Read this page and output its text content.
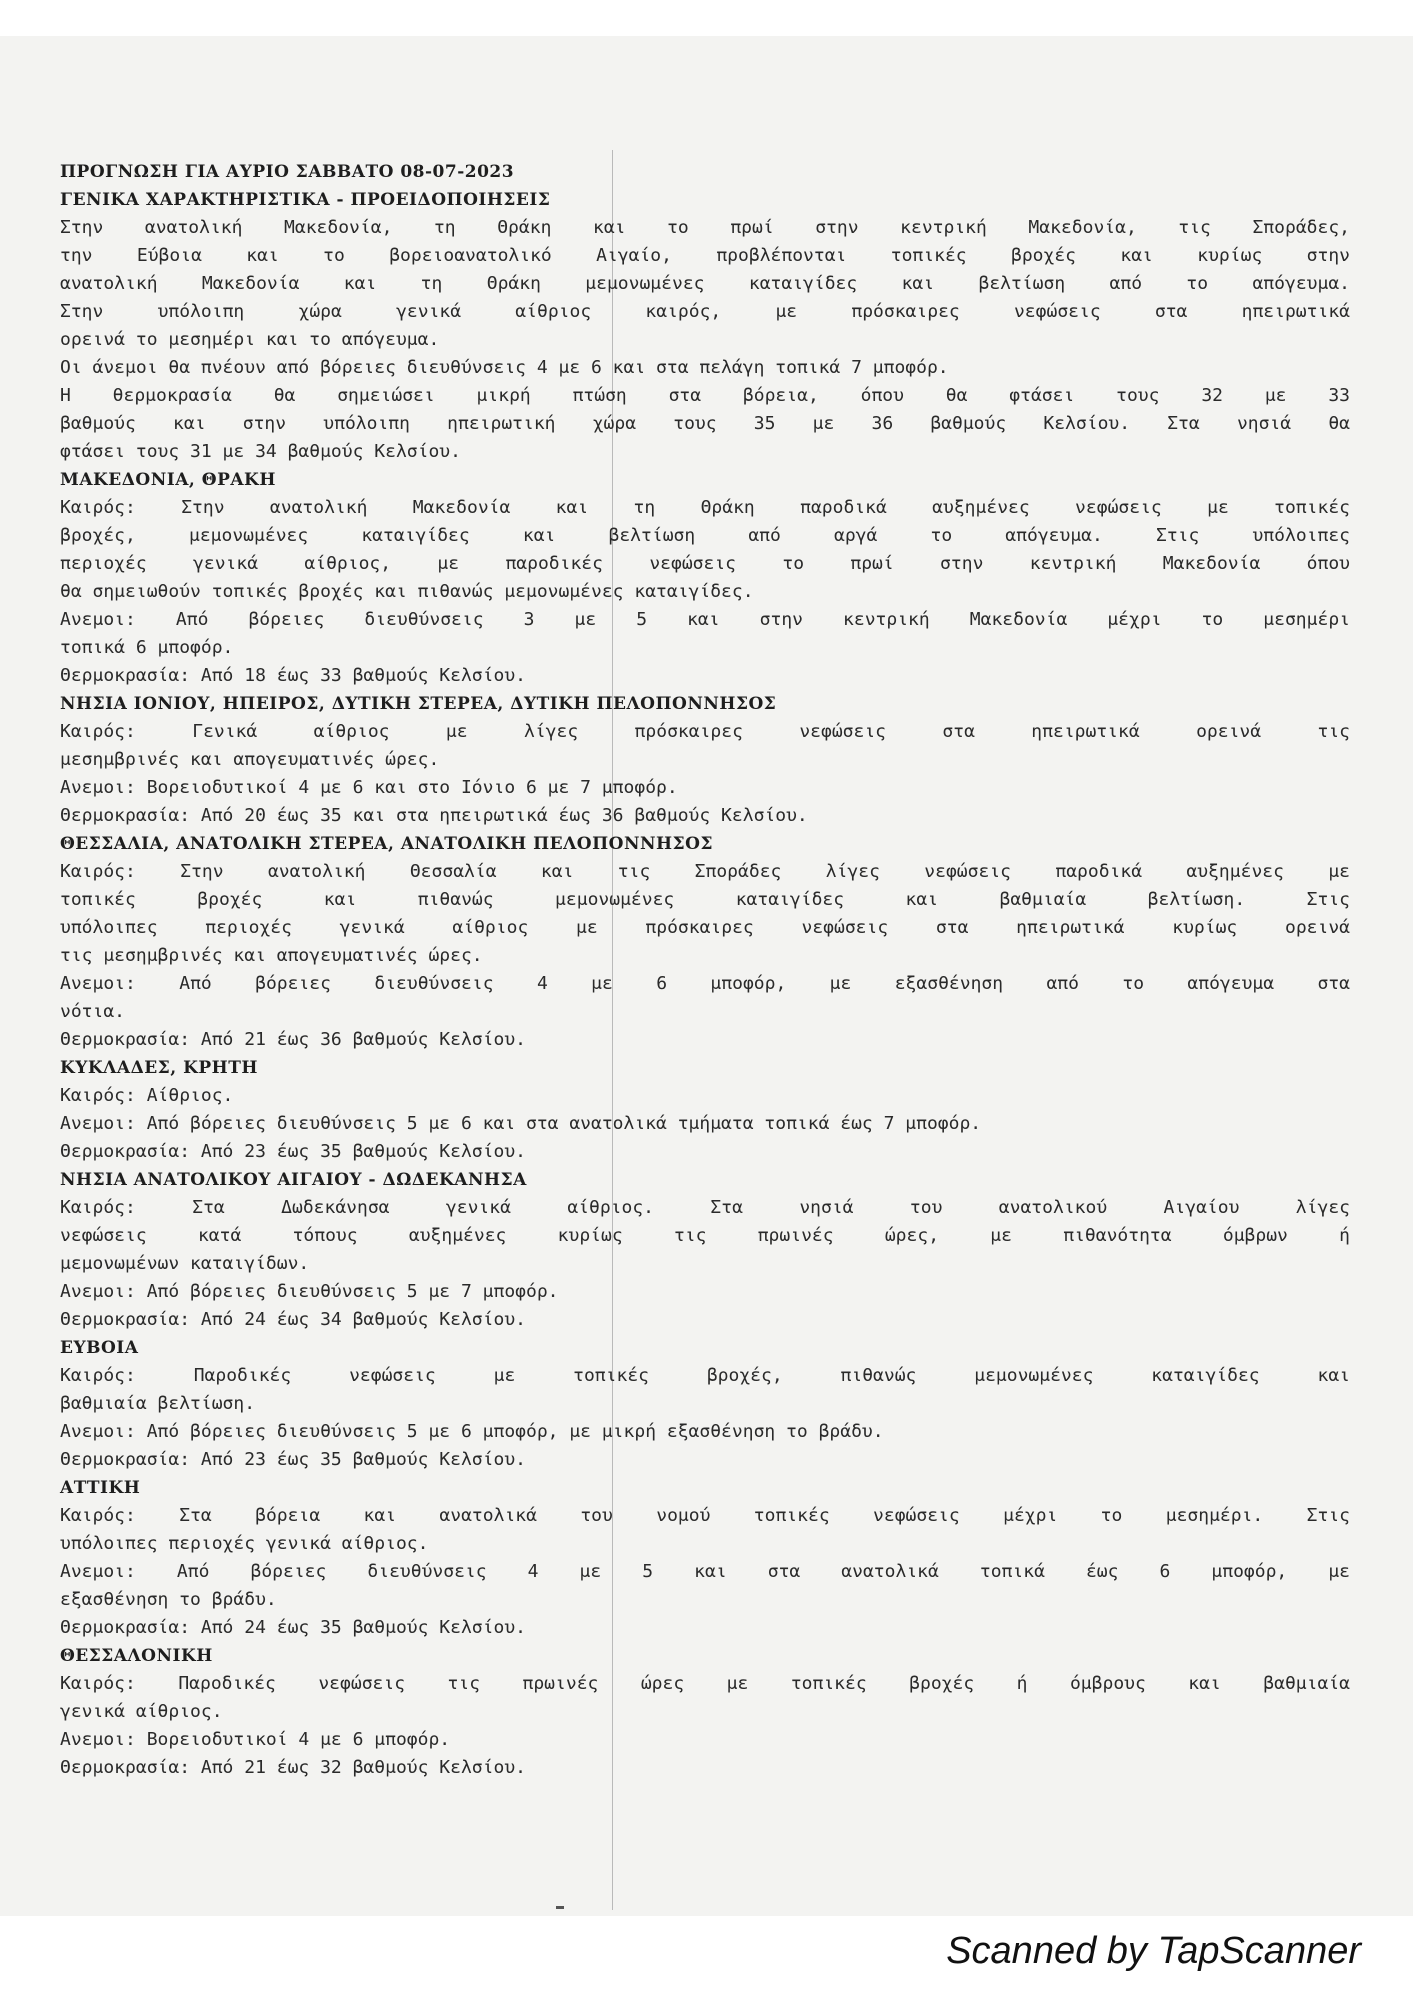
ΠΡΟΓΝΩΣΗ ΓΙΑ ΑΥΡΙΟ ΣΑΒΒΑΤΟ 08-07-2023
ΓΕΝΙΚΑ ΧΑΡΑΚΤΗΡΙΣΤΙΚΑ - ΠΡΟΕΙΔΟΠΟΙΗΣΕΙΣ
Στην ανατολική Μακεδονία, τη Θράκη και το πρωί στην κεντρική Μακεδονία, τις Σποράδες,
την Εύβοια και το βορειοανατολικό Αιγαίο, προβλέπονται τοπικές βροχές και κυρίως στην
ανατολική Μακεδονία και τη Θράκη μεμονωμένες καταιγίδες και βελτίωση από το απόγευμα.
Στην υπόλοιπη χώρα γενικά αίθριος καιρός, με πρόσκαιρες νεφώσεις στα ηπειρωτικά
ορεινά το μεσημέρι και το απόγευμα.
Οι άνεμοι θα πνέουν από βόρειες διευθύνσεις 4 με 6 και στα πελάγη τοπικά 7 μποφόρ.
Η θερμοκρασία θα σημειώσει μικρή πτώση στα βόρεια, όπου θα φτάσει τους 32 με 33
βαθμούς και στην υπόλοιπη ηπειρωτική χώρα τους 35 με 36 βαθμούς Κελσίου. Στα νησιά θα
φτάσει τους 31 με 34 βαθμούς Κελσίου.
ΜΑΚΕΔΟΝΙΑ, ΘΡΑΚΗ
Καιρός: Στην ανατολική Μακεδονία και τη Θράκη παροδικά αυξημένες νεφώσεις με τοπικές
βροχές, μεμονωμένες καταιγίδες και βελτίωση από αργά το απόγευμα. Στις υπόλοιπες
περιοχές γενικά αίθριος, με παροδικές νεφώσεις το πρωί στην κεντρική Μακεδονία όπου
θα σημειωθούν τοπικές βροχές και πιθανώς μεμονωμένες καταιγίδες.
Ανεμοι: Από βόρειες διευθύνσεις 3 με 5 και στην κεντρική Μακεδονία μέχρι το μεσημέρι
τοπικά 6 μποφόρ.
Θερμοκρασία: Από 18 έως 33 βαθμούς Κελσίου.
ΝΗΣΙΑ ΙΟΝΙΟΥ, ΗΠΕΙΡΟΣ, ΔΥΤΙΚΗ ΣΤΕΡΕΑ, ΔΥΤΙΚΗ ΠΕΛΟΠΟΝΝΗΣΟΣ
Καιρός: Γενικά αίθριος με λίγες πρόσκαιρες νεφώσεις στα ηπειρωτικά ορεινά τις
μεσημβρινές και απογευματινές ώρες.
Ανεμοι: Βορειοδυτικοί 4 με 6 και στο Ιόνιο 6 με 7 μποφόρ.
Θερμοκρασία: Από 20 έως 35 και στα ηπειρωτικά έως 36 βαθμούς Κελσίου.
ΘΕΣΣΑΛΙΑ, ΑΝΑΤΟΛΙΚΗ ΣΤΕΡΕΑ, ΑΝΑΤΟΛΙΚΗ ΠΕΛΟΠΟΝΝΗΣΟΣ
Καιρός: Στην ανατολική Θεσσαλία και τις Σποράδες λίγες νεφώσεις παροδικά αυξημένες με
τοπικές βροχές και πιθανώς μεμονωμένες καταιγίδες και βαθμιαία βελτίωση. Στις
υπόλοιπες περιοχές γενικά αίθριος με πρόσκαιρες νεφώσεις στα ηπειρωτικά κυρίως ορεινά
τις μεσημβρινές και απογευματινές ώρες.
Ανεμοι: Από βόρειες διευθύνσεις 4 με 6 μποφόρ, με εξασθένηση από το απόγευμα στα
νότια.
Θερμοκρασία: Από 21 έως 36 βαθμούς Κελσίου.
ΚΥΚΛΑΔΕΣ, ΚΡΗΤΗ
Καιρός: Αίθριος.
Ανεμοι: Από βόρειες διευθύνσεις 5 με 6 και στα ανατολικά τμήματα τοπικά έως 7 μποφόρ.
Θερμοκρασία: Από 23 έως 35 βαθμούς Κελσίου.
ΝΗΣΙΑ ΑΝΑΤΟΛΙΚΟΥ ΑΙΓΑΙΟΥ - ΔΩΔΕΚΑΝΗΣΑ
Καιρός: Στα Δωδεκάνησα γενικά αίθριος. Στα νησιά του ανατολικού Αιγαίου λίγες
νεφώσεις κατά τόπους αυξημένες κυρίως τις πρωινές ώρες, με πιθανότητα όμβρων ή
μεμονωμένων καταιγίδων.
Ανεμοι: Από βόρειες διευθύνσεις 5 με 7 μποφόρ.
Θερμοκρασία: Από 24 έως 34 βαθμούς Κελσίου.
ΕΥΒΟΙΑ
Καιρός: Παροδικές νεφώσεις με τοπικές βροχές, πιθανώς μεμονωμένες καταιγίδες και
βαθμιαία βελτίωση.
Ανεμοι: Από βόρειες διευθύνσεις 5 με 6 μποφόρ, με μικρή εξασθένηση το βράδυ.
Θερμοκρασία: Από 23 έως 35 βαθμούς Κελσίου.
ΑΤΤΙΚΗ
Καιρός: Στα βόρεια και ανατολικά του νομού τοπικές νεφώσεις μέχρι το μεσημέρι. Στις
υπόλοιπες περιοχές γενικά αίθριος.
Ανεμοι: Από βόρειες διευθύνσεις 4 με 5 και στα ανατολικά τοπικά έως 6 μποφόρ, με
εξασθένηση το βράδυ.
Θερμοκρασία: Από 24 έως 35 βαθμούς Κελσίου.
ΘΕΣΣΑΛΟΝΙΚΗ
Καιρός: Παροδικές νεφώσεις τις πρωινές ώρες με τοπικές βροχές ή όμβρους και βαθμιαία
γενικά αίθριος.
Ανεμοι: Βορειοδυτικοί 4 με 6 μποφόρ.
Θερμοκρασία: Από 21 έως 32 βαθμούς Κελσίου.
Scanned by TapScanner
